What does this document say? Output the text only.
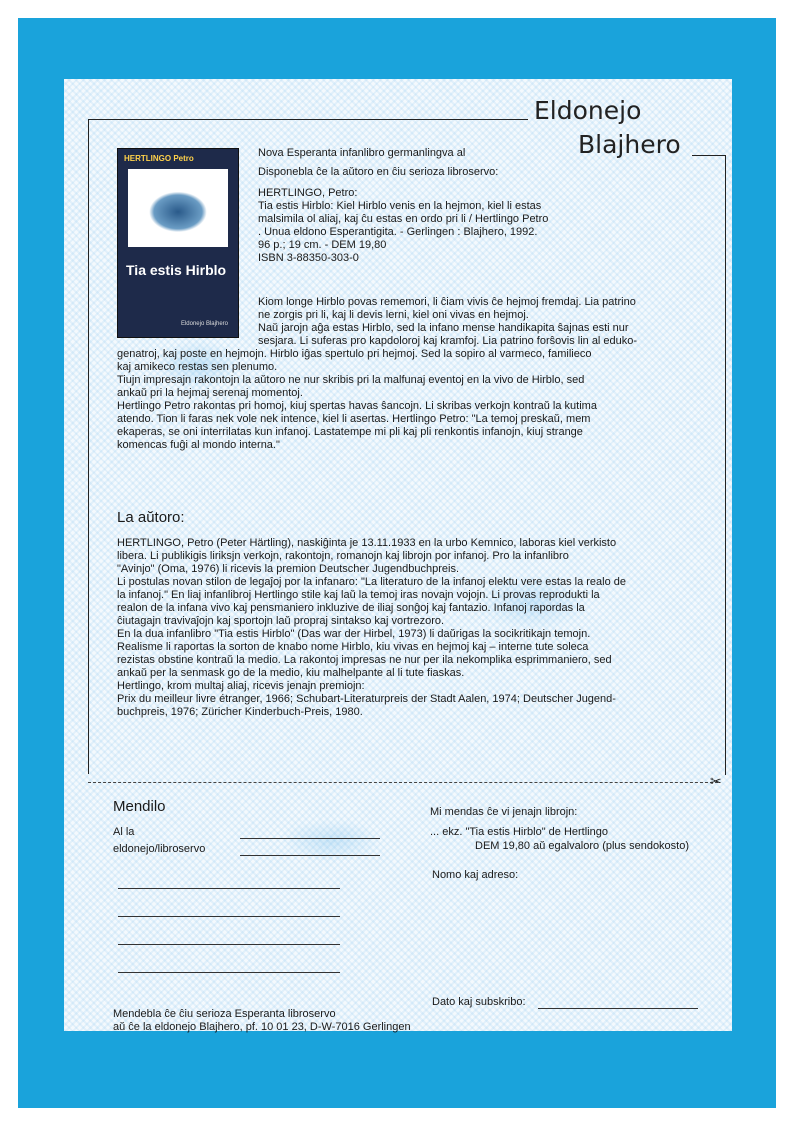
Eldonejo
Blajhero
HERTLINGO Petro
Tia estis Hirblo
Eldonejo Blajhero
Nova Esperanta infanlibro germanlingva al
Disponebla ĉe la aŭtoro en ĉiu serioza libroservo:
HERTLINGO, Petro:
Tia estis Hirblo: Kiel Hirblo venis en la hejmon, kiel li estas
malsimila ol aliaj, kaj ĉu estas en ordo pri li / Hertlingo Petro
. Unua eldono Esperantigita. - Gerlingen : Blajhero, 1992.
96 p.; 19 cm. - DEM 19,80
ISBN 3-88350-303-0
Kiom longe Hirblo povas rememori, li ĉiam vivis ĉe hejmoj fremdaj. Lia patrino
ne zorgis pri li, kaj li devis lerni, kiel oni vivas en hejmoj.
Naŭ jarojn aĝa estas Hirblo, sed la infano mense handikapita ŝajnas esti nur
sesjara. Li suferas pro kapdoloroj kaj kramfoj. Lia patrino forŝovis lin al eduko-
genatroj, kaj poste en hejmojn. Hirblo iĝas spertulo pri hejmoj. Sed la sopiro al varmeco, familieco
kaj amikeco restas sen plenumo.
Tiujn impresajn rakontojn la aŭtoro ne nur skribis pri la malfunaj eventoj en la vivo de Hirblo, sed
ankaŭ pri la hejmaj serenaj momentoj.
Hertlingo Petro rakontas pri homoj, kiuj spertas havas ŝancojn. Li skribas verkojn kontraŭ la kutima
atendo. Tion li faras nek vole nek intence, kiel li asertas. Hertlingo Petro: "La temoj preskaŭ, mem
ekaperas, se oni interrilatas kun infanoj. Lastatempe mi pli kaj pli renkontis infanojn, kiuj strange
komencas fuĝi al mondo interna."
La aŭtoro:
HERTLINGO, Petro (Peter Härtling), naskiĝinta je 13.11.1933 en la urbo Kemnico, laboras kiel verkisto
libera. Li publikigis liriksjn verkojn, rakontojn, romanojn kaj librojn por infanoj. Pro la infanlibro
"Avinjo" (Oma, 1976) li ricevis la premion Deutscher Jugendbuchpreis.
Li postulas novan stilon de legaĵoj por la infanaro: "La literaturo de la infanoj elektu vere estas la realo de
la infanoj." En liaj infanlibroj Hertlingo stile kaj laŭ la temoj iras novajn vojojn. Li provas reprodukti la
realon de la infana vivo kaj pensmaniero inkluzive de iliaj sonĝoj kaj fantazio. Infanoj rapordas la
ĉiutagajn travivaĵojn kaj sportojn laŭ propraj sintakso kaj vortrezoro.
En la dua infanlibro "Tia estis Hirblo" (Das war der Hirbel, 1973) li daŭrigas la socikritikajn temojn.
Realisme li raportas la sorton de knabo nome Hirblo, kiu vivas en hejmoj kaj – interne tute soleca
rezistas obstine kontraŭ la medio. La rakontoj impresas ne nur per ila nekomplika esprimmaniero, sed
ankaŭ per la senmask go de la medio, kiu malhelpante al li tute fiaskas.
Hertlingo, krom multaj aliaj, ricevis jenajn premiojn:
Prix du meilleur livre étranger, 1966; Schubart-Literaturpreis der Stadt Aalen, 1974; Deutscher Jugend-
buchpreis, 1976; Züricher Kinderbuch-Preis, 1980.
✂
Mendilo
Al la
eldonejo/libroservo
Mi mendas ĉe vi jenajn librojn:
... ekz. "Tia estis Hirblo" de Hertlingo
DEM 19,80 aŭ egalvaloro (plus sendokosto)
Nomo kaj adreso:
Dato kaj subskribo:
Mendebla ĉe ĉiu serioza Esperanta libroservo
aŭ ĉe la eldonejo Blajhero, pf. 10 01 23, D-W-7016 Gerlingen
